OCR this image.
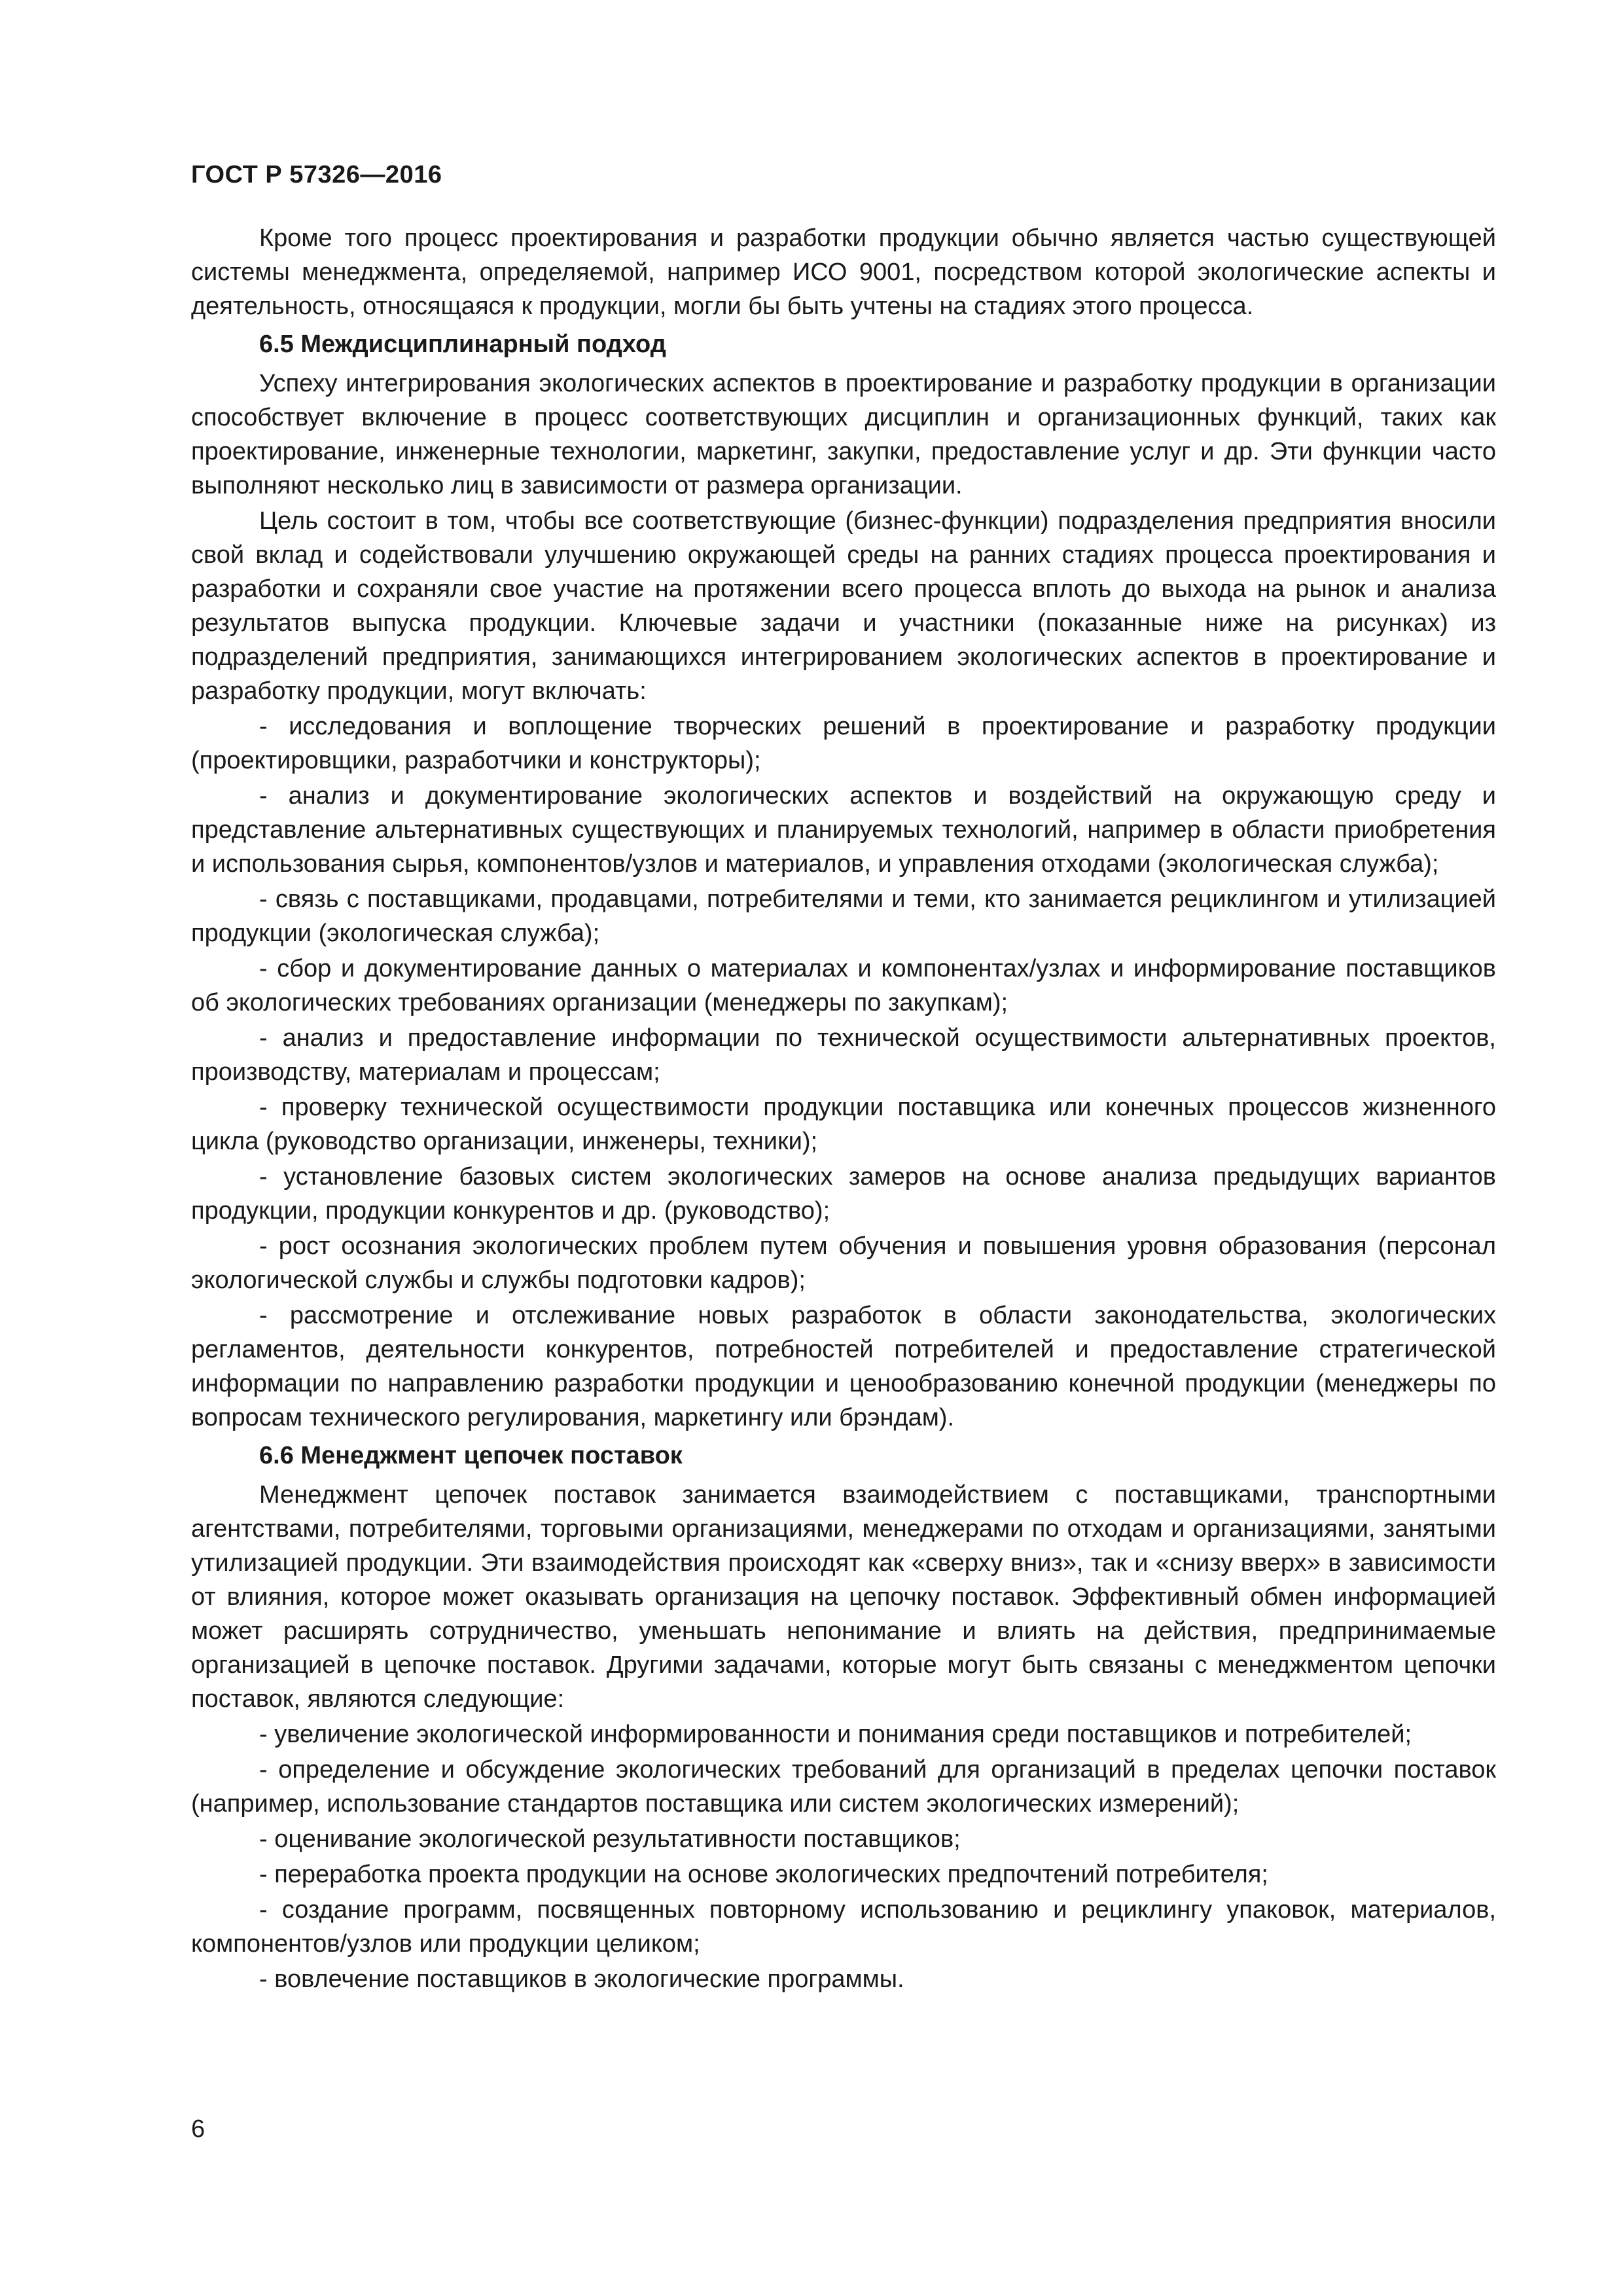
ГОСТ Р 57326—2016

Кроме того процесс проектирования и разработки продукции обычно является частью существующей системы менеджмента, определяемой, например ИСО 9001, посредством которой экологические аспекты и деятельность, относящаяся к продукции, могли бы быть учтены на стадиях этого процесса.

6.5 Междисциплинарный подход

Успеху интегрирования экологических аспектов в проектирование и разработку продукции в организации способствует включение в процесс соответствующих дисциплин и организационных функций, таких как проектирование, инженерные технологии, маркетинг, закупки, предоставление услуг и др. Эти функции часто выполняют несколько лиц в зависимости от размера организации.

Цель состоит в том, чтобы все соответствующие (бизнес-функции) подразделения предприятия вносили свой вклад и содействовали улучшению окружающей среды на ранних стадиях процесса проектирования и разработки и сохраняли свое участие на протяжении всего процесса вплоть до выхода на рынок и анализа результатов выпуска продукции. Ключевые задачи и участники (показанные ниже на рисунках) из подразделений предприятия, занимающихся интегрированием экологических аспектов в проектирование и разработку продукции, могут включать:

- исследования и воплощение творческих решений в проектирование и разработку продукции (проектировщики, разработчики и конструкторы);
- анализ и документирование экологических аспектов и воздействий на окружающую среду и представление альтернативных существующих и планируемых технологий, например в области приобретения и использования сырья, компонентов/узлов и материалов, и управления отходами (экологическая служба);
- связь с поставщиками, продавцами, потребителями и теми, кто занимается рециклингом и утилизацией продукции (экологическая служба);
- сбор и документирование данных о материалах и компонентах/узлах и информирование поставщиков об экологических требованиях организации (менеджеры по закупкам);
- анализ и предоставление информации по технической осуществимости альтернативных проектов, производству, материалам и процессам;
- проверку технической осуществимости продукции поставщика или конечных процессов жизненного цикла (руководство организации, инженеры, техники);
- установление базовых систем экологических замеров на основе анализа предыдущих вариантов продукции, продукции конкурентов и др. (руководство);
- рост осознания экологических проблем путем обучения и повышения уровня образования (персонал экологической службы и службы подготовки кадров);
- рассмотрение и отслеживание новых разработок в области законодательства, экологических регламентов, деятельности конкурентов, потребностей потребителей и предоставление стратегической информации по направлению разработки продукции и ценообразованию конечной продукции (менеджеры по вопросам технического регулирования, маркетингу или брэндам).
6.6 Менеджмент цепочек поставок

Менеджмент цепочек поставок занимается взаимодействием с поставщиками, транспортными агентствами, потребителями, торговыми организациями, менеджерами по отходам и организациями, занятыми утилизацией продукции. Эти взаимодействия происходят как «сверху вниз», так и «снизу вверх» в зависимости от влияния, которое может оказывать организация на цепочку поставок. Эффективный обмен информацией может расширять сотрудничество, уменьшать непонимание и влиять на действия, предпринимаемые организацией в цепочке поставок. Другими задачами, которые могут быть связаны с менеджментом цепочки поставок, являются следующие:

- увеличение экологической информированности и понимания среди поставщиков и потребителей;
- определение и обсуждение экологических требований для организаций в пределах цепочки поставок (например, использование стандартов поставщика или систем экологических измерений);
- оценивание экологической результативности поставщиков;
- переработка проекта продукции на основе экологических предпочтений потребителя;
- создание программ, посвященных повторному использованию и рециклингу упаковок, материалов, компонентов/узлов или продукции целиком;
- вовлечение поставщиков в экологические программы.
6
